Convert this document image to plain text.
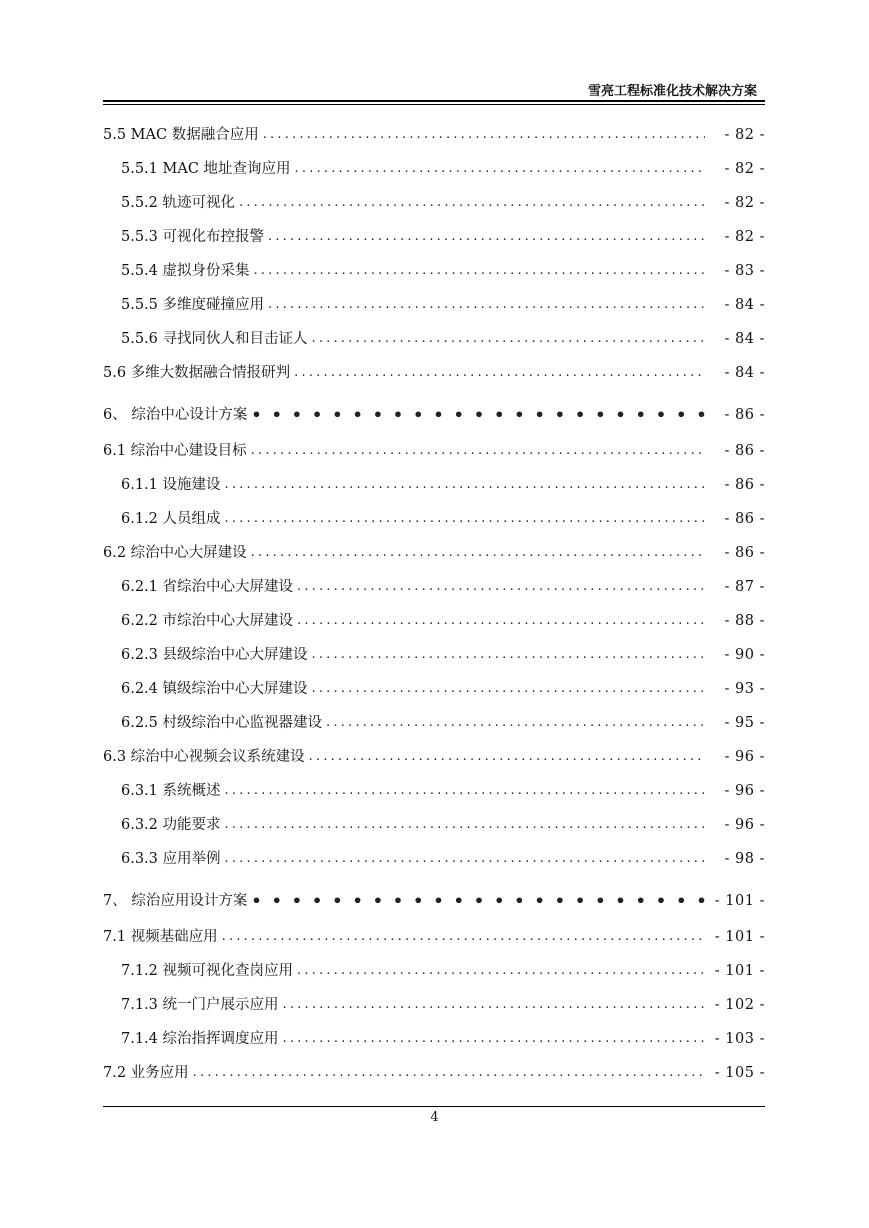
雪亮工程标准化技术解决方案
5.5 MAC 数据融合应用 .....	- 82 -
5.5.1 MAC 地址查询应用 .....	- 82 -
5.5.2 轨迹可视化 .....	- 82 -
5.5.3 可视化布控报警 .....	- 82 -
5.5.4 虚拟身份采集 .....	- 83 -
5.5.5 多维度碰撞应用 .....	- 84 -
5.5.6 寻找同伙人和目击证人 .....	- 84 -
5.6 多维大数据融合情报研判 .....	- 84 -
6、 综治中心设计方案 •••••	- 86 -
6.1 综治中心建设目标 .....	- 86 -
6.1.1 设施建设 .....	- 86 -
6.1.2 人员组成 .....	- 86 -
6.2 综治中心大屏建设 .....	- 86 -
6.2.1 省综治中心大屏建设 .....	- 87 -
6.2.2 市综治中心大屏建设 .....	- 88 -
6.2.3 县级综治中心大屏建设 .....	- 90 -
6.2.4 镇级综治中心大屏建设 .....	- 93 -
6.2.5 村级综治中心监视器建设 .....	- 95 -
6.3 综治中心视频会议系统建设 .....	- 96 -
6.3.1 系统概述 .....	- 96 -
6.3.2 功能要求 .....	- 96 -
6.3.3 应用举例 .....	- 98 -
7、 综治应用设计方案 •••••	- 101 -
7.1 视频基础应用 .....	- 101 -
7.1.2 视频可视化查岗应用 .....	- 101 -
7.1.3 统一门户展示应用 .....	- 102 -
7.1.4 综治指挥调度应用 .....	- 103 -
7.2 业务应用 .....	- 105 -
4
